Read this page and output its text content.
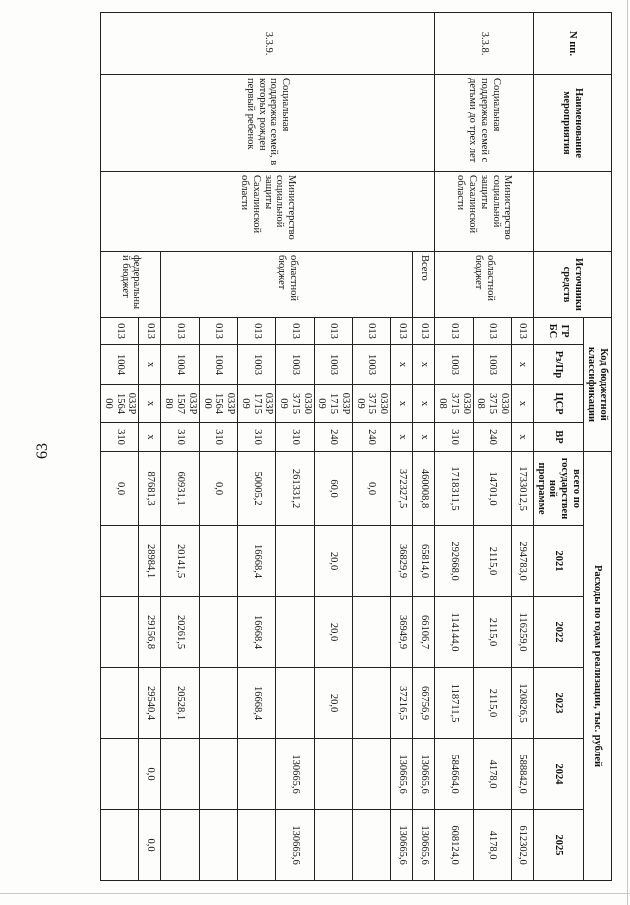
63
N пп.	Наименование мероприятия		Источники средств	Код бюджетной классификации				Расходы по годам реализации, тыс. рублей					
				ГРБС	Рз/Пр	ЦСР	ВР	всего по государственной программе	2021	2022	2023	2024	2025
3.3.8.	Социальная поддержка семей с детьми до трех лет	Министерство социальной защиты Сахалинской области	областной бюджет	013	x	x	x	1733012,5	294783,0	116259,0	120826,5	588842,0	612302,0
				013	1003	0330 3715 08	240	14701,0	2115,0	2115,0	2115,0	4178,0	4178,0
				013	1003	0330 3715 08	310	1718311,5	292668,0	114144,0	118711,5	584664,0	608124,0
3.3.9.	Социальная поддержка семей, в которых рожден первый ребенок	Министерство социальной защиты Сахалинской области	Всего	013	x	x	x	460008,8	65814,0	66106,7	66756,9	130665,6	130665,6
			областной бюджет	013	x	x	x	372327,5	36829,9	36949,9	37216,5	130665,6	130665,6
				013	1003	0330 3715 09	240	0,0					
				013	1003	033P 1715 09	240	60,0	20,0	20,0	20,0		
				013	1003	0330 3715 09	310	261331,2				130665,6	130665,6
				013	1003	033P 1715 09	310	50005,2	16668,4	16668,4	16668,4		
				013	1004	033P 1564 00	310	0,0					
				013	1004	033P 1507 80	310	60931,1	20141,5	20261,5	20528,1		
			федеральный бюджет	013	x	x	x	87681,3	28984,1	29156,8	29540,4	0,0	0,0
				013	1004	033P 1564 00	310	0,0					
